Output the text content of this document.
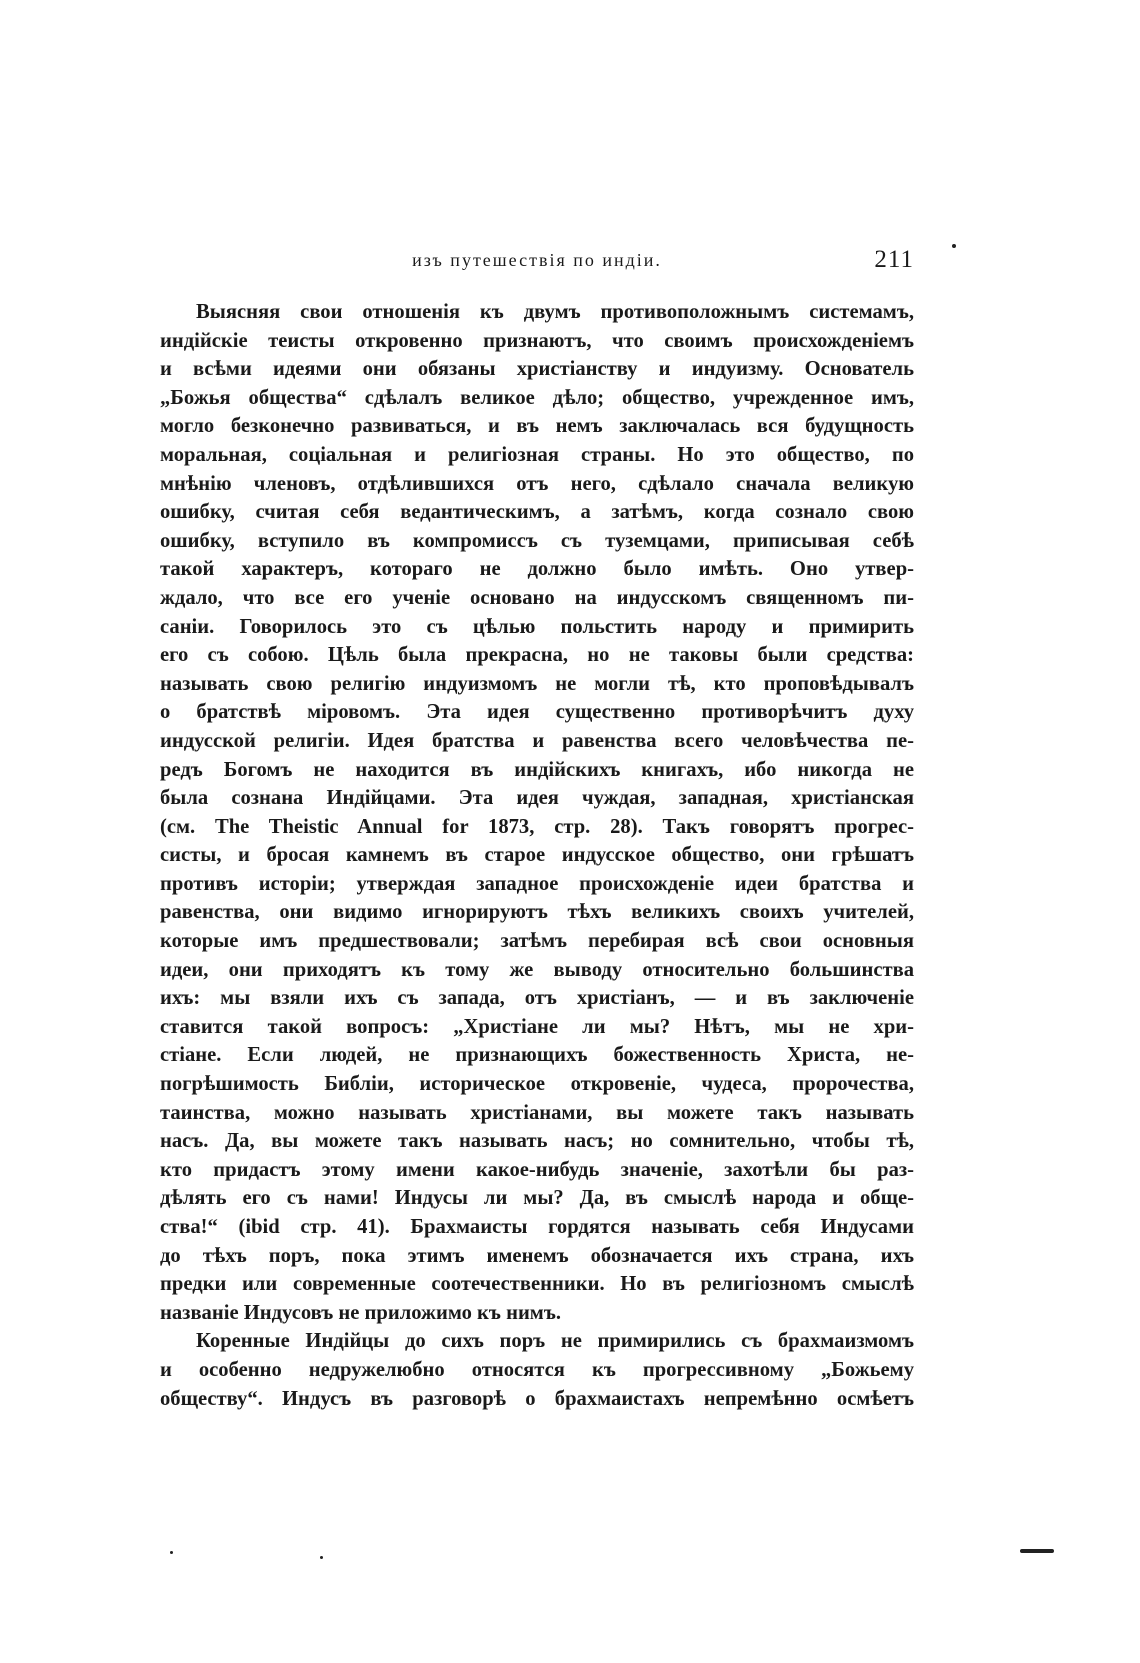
изъ путешествія по индіи.	211
Выясняя свои отношенія къ двумъ противоположнымъ системамъ,
индійскіе теисты откровенно признаютъ, что своимъ происхожденіемъ
и всѣми идеями они обязаны христіанству и индуизму. Основатель
„Божья общества“ сдѣлалъ великое дѣло; общество, учрежденное имъ,
могло безконечно развиваться, и въ немъ заключалась вся будущность
моральная, соціальная и религіозная страны. Но это общество, по
мнѣнію членовъ, отдѣлившихся отъ него, сдѣлало сначала великую
ошибку, считая себя ведантическимъ, а затѣмъ, когда сознало свою
ошибку, вступило въ компромиссъ съ туземцами, приписывая себѣ
такой характеръ, котораго не должно было имѣть. Оно утвер-
ждало, что все его ученіе основано на индусскомъ священномъ пи-
саніи. Говорилось это съ цѣлью польстить народу и примирить
его съ собою. Цѣль была прекрасна, но не таковы были средства:
называть свою религію индуизмомъ не могли тѣ, кто проповѣдывалъ
о братствѣ міровомъ. Эта идея существенно противорѣчитъ духу
индусской религіи. Идея братства и равенства всего человѣчества пе-
редъ Богомъ не находится въ индійскихъ книгахъ, ибо никогда не
была сознана Индійцами. Эта идея чуждая, западная, христіанская
(см. The Theistic Annual for 1873, стр. 28). Такъ говорятъ прогрес-
систы, и бросая камнемъ въ старое индусское общество, они грѣшатъ
противъ исторіи; утверждая западное происхожденіе идеи братства и
равенства, они видимо игнорируютъ тѣхъ великихъ своихъ учителей,
которые имъ предшествовали; затѣмъ перебирая всѣ свои основныя
идеи, они приходятъ къ тому же выводу относительно большинства
ихъ: мы взяли ихъ съ запада, отъ христіанъ, — и въ заключеніе
ставится такой вопросъ: „Христіане ли мы? Нѣтъ, мы не хри-
стіане. Если людей, не признающихъ божественность Христа, не-
погрѣшимость Библіи, историческое откровеніе, чудеса, пророчества,
таинства, можно называть христіанами, вы можете такъ называть
насъ. Да, вы можете такъ называть насъ; но сомнительно, чтобы тѣ,
кто придастъ этому имени какое-нибудь значеніе, захотѣли бы раз-
дѣлять его съ нами! Индусы ли мы? Да, въ смыслѣ народа и обще-
ства!“ (ibid стр. 41). Брахмаисты гордятся называть себя Индусами
до тѣхъ поръ, пока этимъ именемъ обозначается ихъ страна, ихъ
предки или современные соотечественники. Но въ религіозномъ смыслѣ
названіе Индусовъ не приложимо къ нимъ.
Коренные Индійцы до сихъ поръ не примирились съ брахмаизмомъ
и особенно недружелюбно относятся къ прогрессивному „Божьему
обществу“. Индусъ въ разговорѣ о брахмаистахъ непремѣнно осмѣетъ
